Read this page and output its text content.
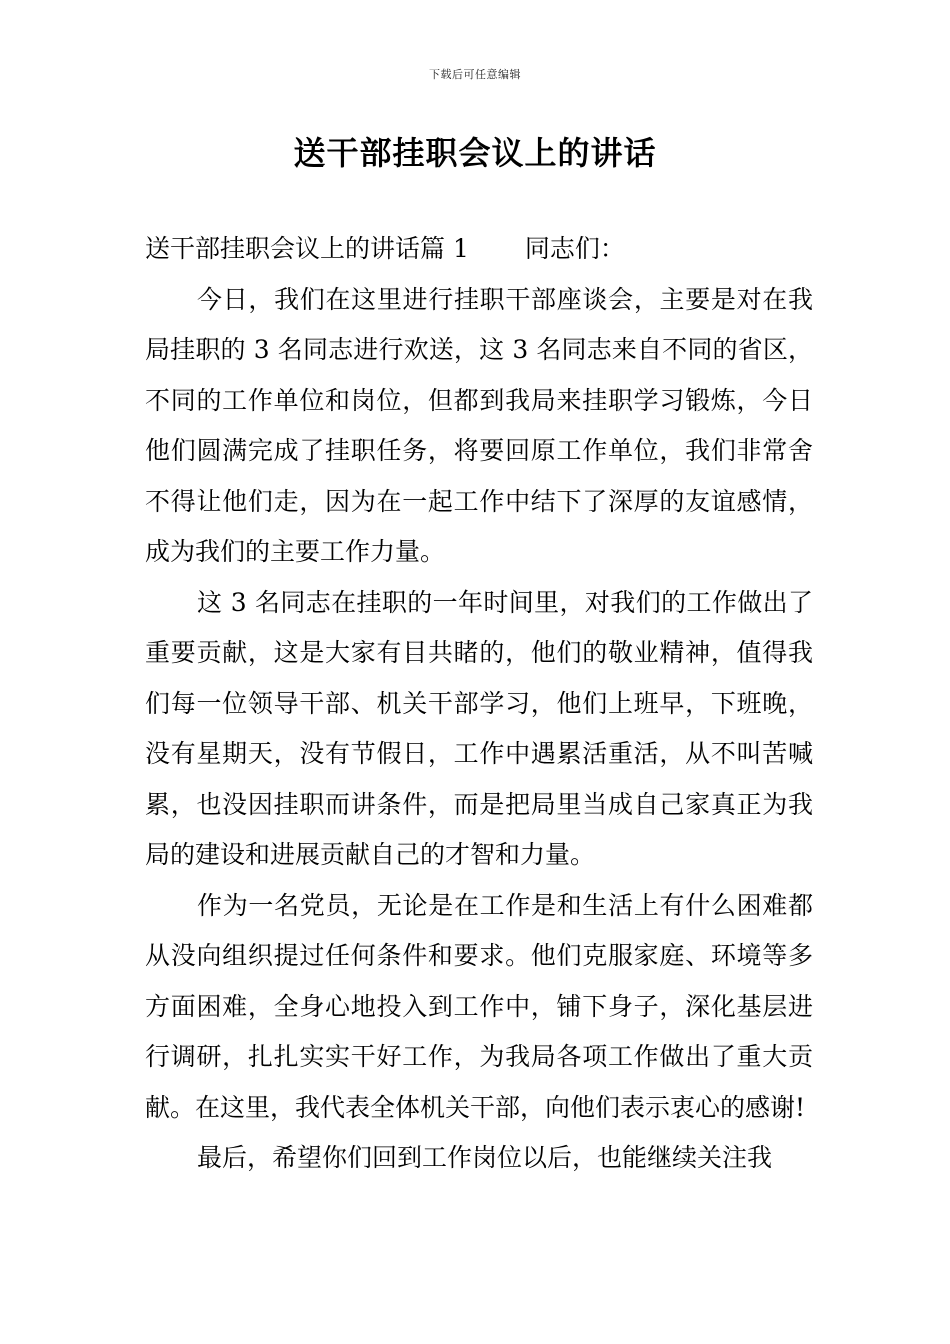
下载后可任意编辑
送干部挂职会议上的讲话

送干部挂职会议上的讲话篇 1 同志们：

今日，我们在这里进行挂职干部座谈会，主要是对在我局挂职的 3 名同志进行欢送，这 3 名同志来自不同的省区，不同的工作单位和岗位，但都到我局来挂职学习锻炼，今日他们圆满完成了挂职任务，将要回原工作单位，我们非常舍不得让他们走，因为在一起工作中结下了深厚的友谊感情，成为我们的主要工作力量。

这 3 名同志在挂职的一年时间里，对我们的工作做出了重要贡献，这是大家有目共睹的，他们的敬业精神，值得我们每一位领导干部、机关干部学习，他们上班早，下班晚，没有星期天，没有节假日，工作中遇累活重活，从不叫苦喊累，也没因挂职而讲条件，而是把局里当成自己家真正为我局的建设和进展贡献自己的才智和力量。

作为一名党员，无论是在工作是和生活上有什么困难都从没向组织提过任何条件和要求。他们克服家庭、环境等多方面困难，全身心地投入到工作中，铺下身子，深化基层进行调研，扎扎实实干好工作，为我局各项工作做出了重大贡献。在这里，我代表全体机关干部，向他们表示衷心的感谢!

最后，希望你们回到工作岗位以后，也能继续关注我
